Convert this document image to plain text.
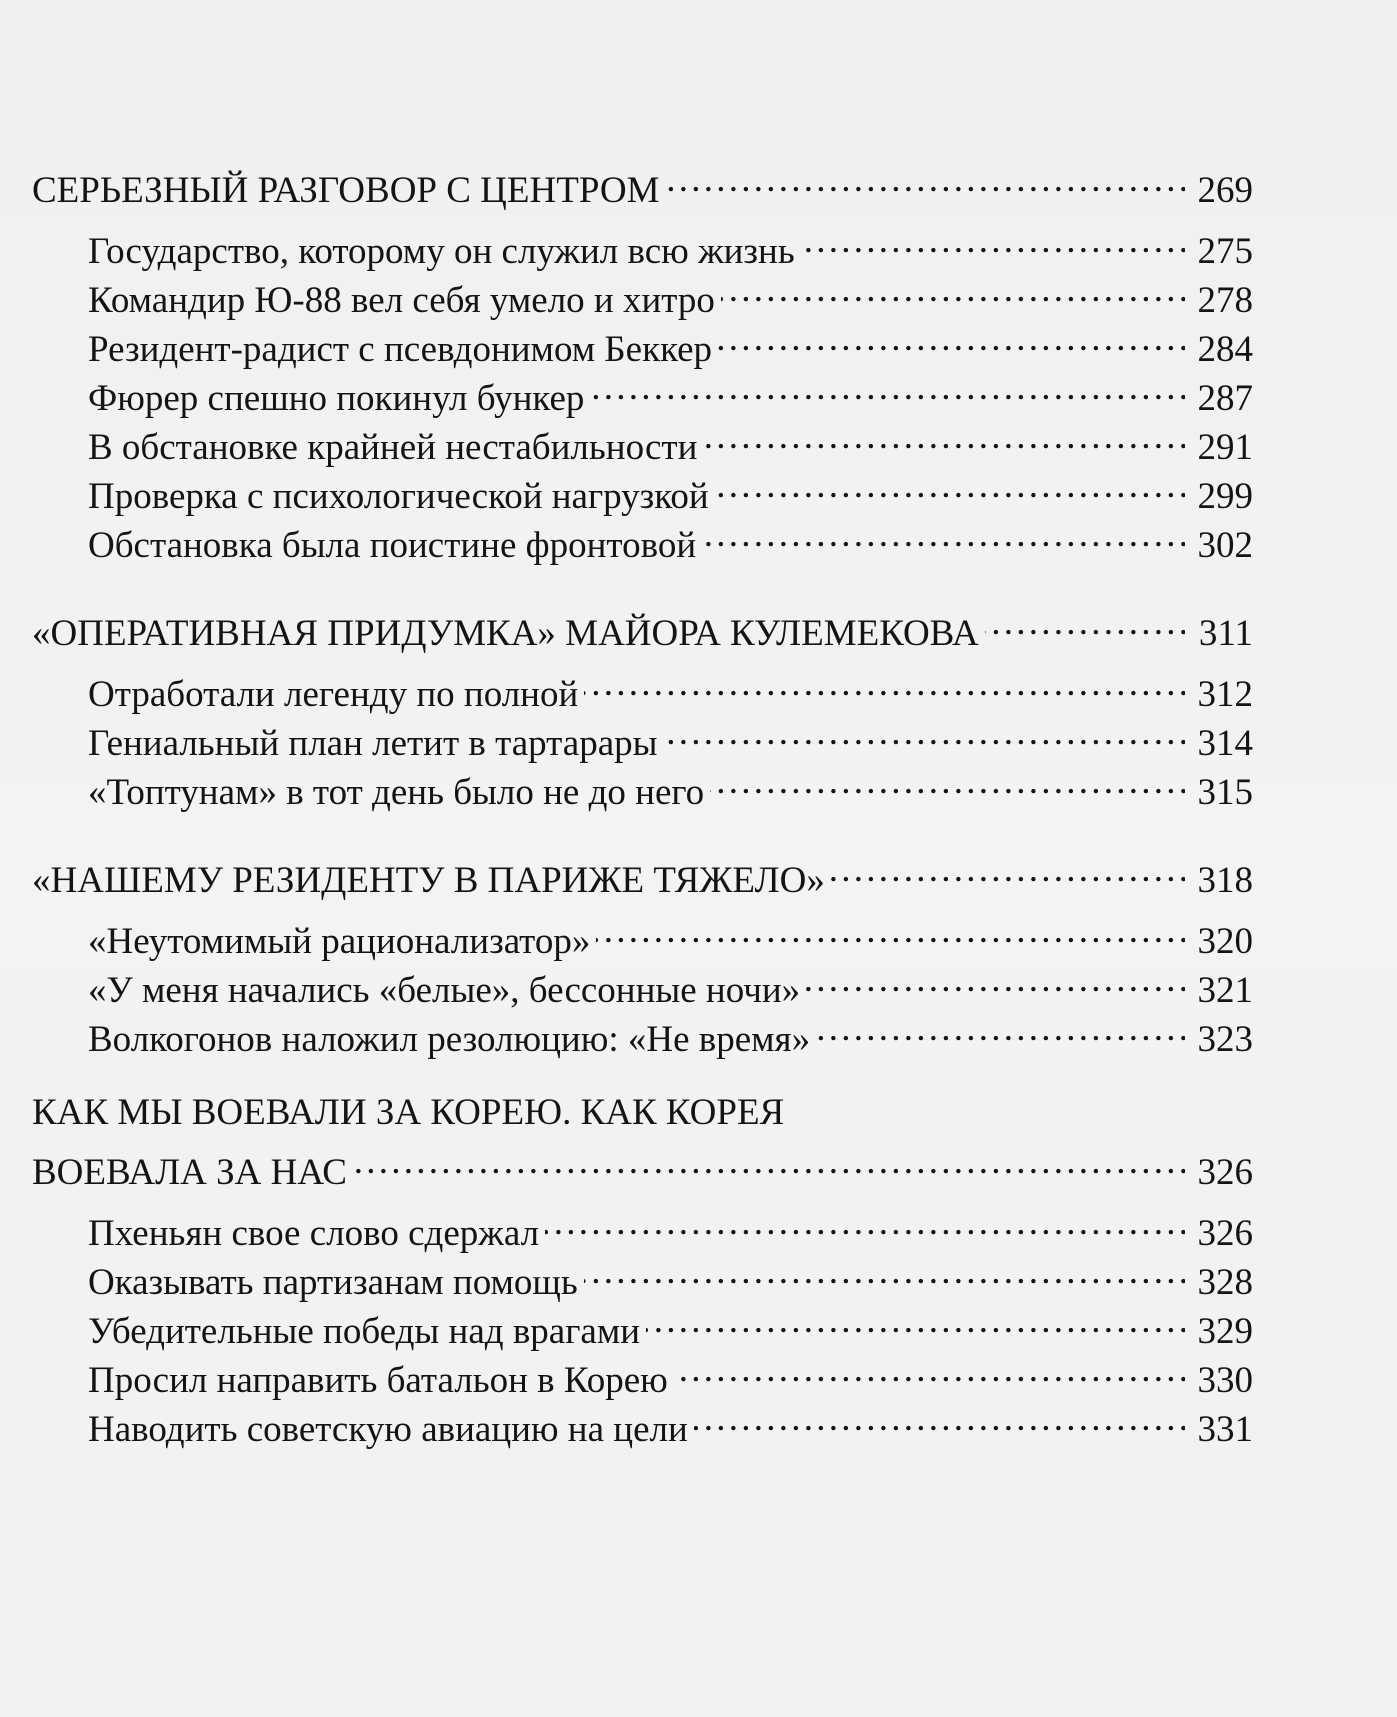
СЕРЬЕЗНЫЙ РАЗГОВОР С ЦЕНТРОМ . . .	269
Государство, которому он служил всю жизнь . . .	275
Командир Ю-88 вел себя умело и хитро . . .	278
Резидент-радист с псевдонимом Беккер . . .	284
Фюрер спешно покинул бункер . . .	287
В обстановке крайней нестабильности . . .	291
Проверка с психологической нагрузкой . . .	299
Обстановка была поистине фронтовой . . .	302
«ОПЕРАТИВНАЯ ПРИДУМКА» МАЙОРА КУЛЕМЕКОВА . . .	311
Отработали легенду по полной . . .	312
Гениальный план летит в тартарары . . .	314
«Топтунам» в тот день было не до него . . .	315
«НАШЕМУ РЕЗИДЕНТУ В ПАРИЖЕ ТЯЖЕЛО» . . .	318
«Неутомимый рационализатор» . . .	320
«У меня начались «белые», бессонные ночи» . . .	321
Волкогонов наложил резолюцию: «Не время» . . .	323
КАК МЫ ВОЕВАЛИ ЗА КОРЕЮ. КАК КОРЕЯ
ВОЕВАЛА ЗА НАС . . .	326
Пхеньян свое слово сдержал . . .	326
Оказывать партизанам помощь . . .	328
Убедительные победы над врагами . . .	329
Просил направить батальон в Корею . . .	330
Наводить советскую авиацию на цели . . .	331
